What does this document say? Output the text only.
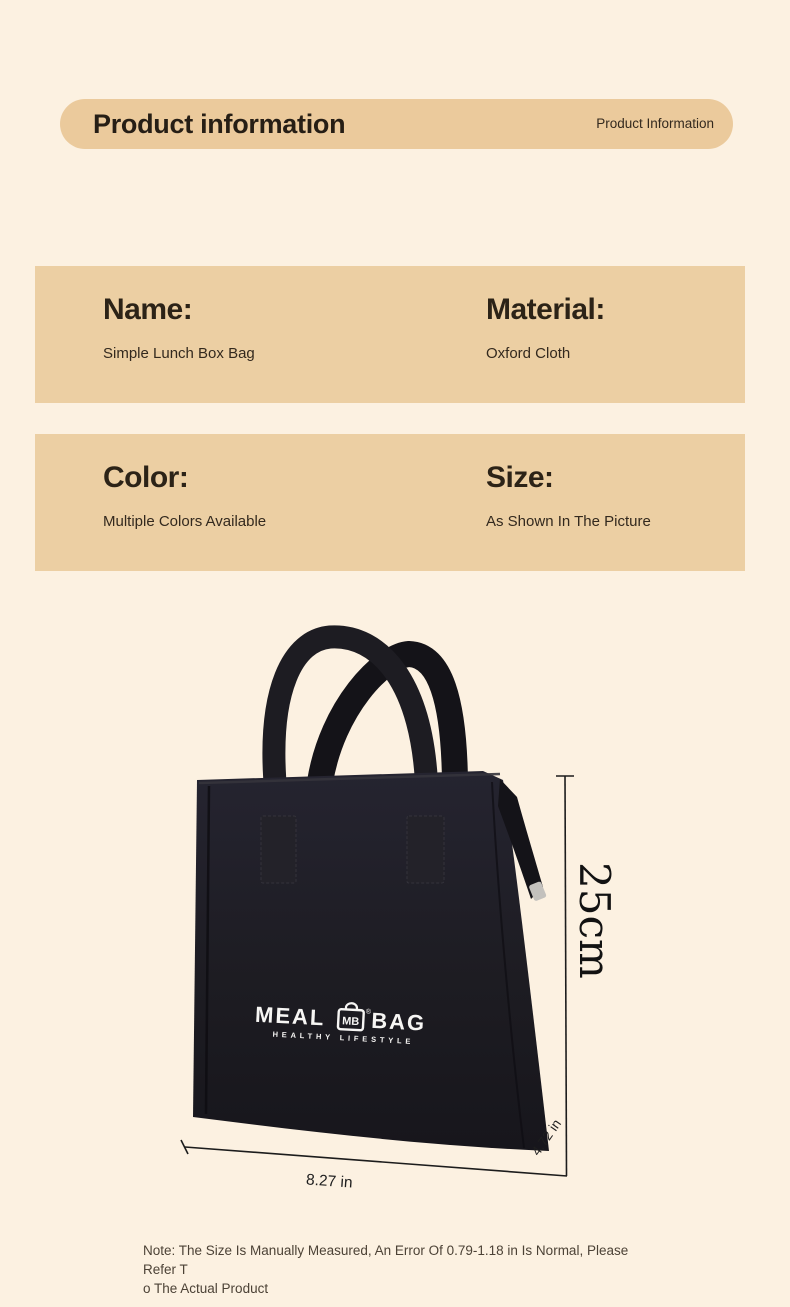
Product information	Product Information
Name:
Simple Lunch Box Bag
Material:
Oxford Cloth
Color:
Multiple Colors Available
Size:
As Shown In The Picture
MEAL MB
® BAG
HEALTHY LIFESTYLE
25cm
8.27 in
4.72 in
Note: The Size Is Manually Measured, An Error Of 0.79-1.18 in Is Normal, Please Refer T
o The Actual Product
